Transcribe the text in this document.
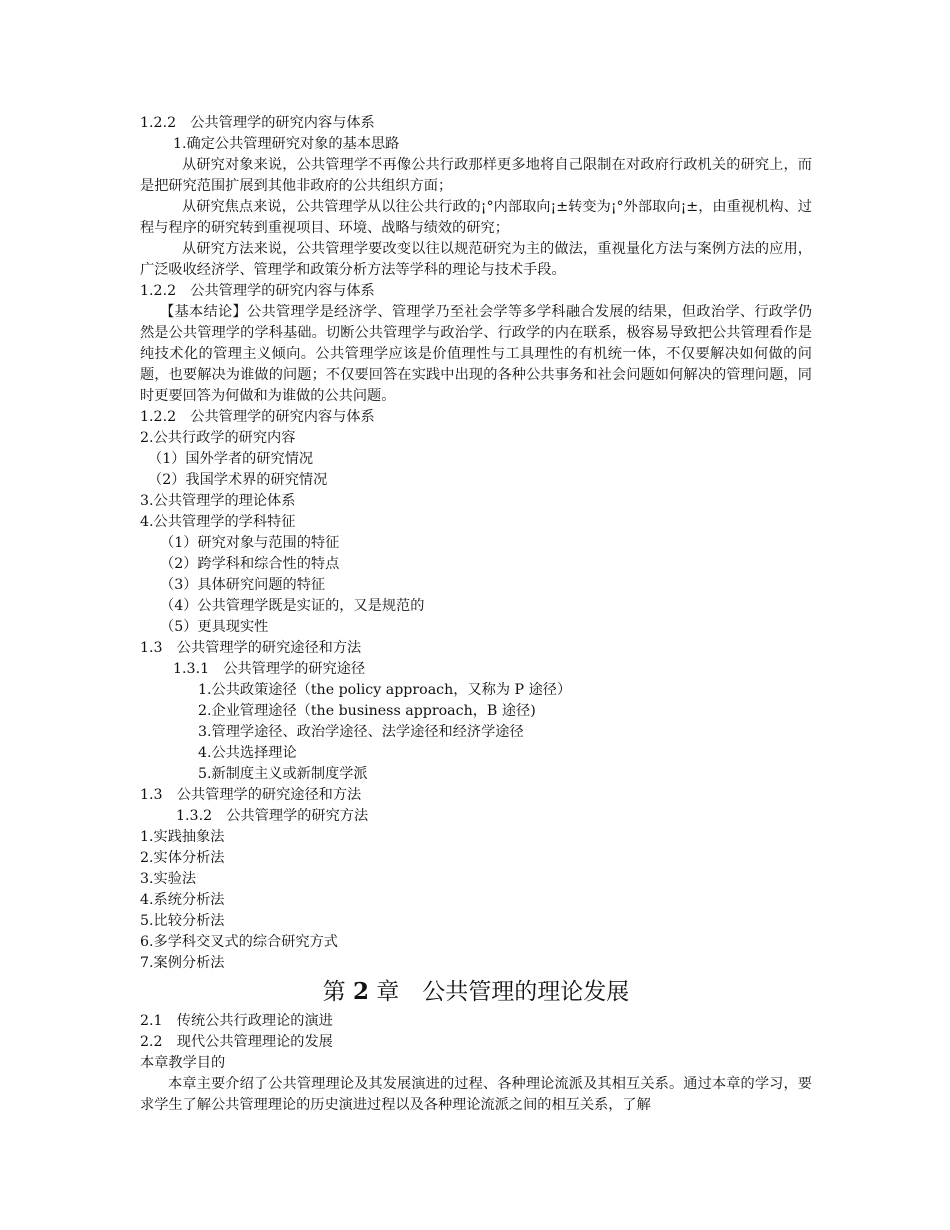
1.2.2　公共管理学的研究内容与体系
1.确定公共管理研究对象的基本思路
从研究对象来说，公共管理学不再像公共行政那样更多地将自己限制在对政府行政机关的研究上，而是把研究范围扩展到其他非政府的公共组织方面；
从研究焦点来说，公共管理学从以往公共行政的¡°内部取向¡±转变为¡°外部取向¡±，由重视机构、过程与程序的研究转到重视项目、环境、战略与绩效的研究；
从研究方法来说，公共管理学要改变以往以规范研究为主的做法，重视量化方法与案例方法的应用，广泛吸收经济学、管理学和政策分析方法等学科的理论与技术手段。
1.2.2　公共管理学的研究内容与体系
【基本结论】公共管理学是经济学、管理学乃至社会学等多学科融合发展的结果，但政治学、行政学仍然是公共管理学的学科基础。切断公共管理学与政治学、行政学的内在联系，极容易导致把公共管理看作是纯技术化的管理主义倾向。公共管理学应该是价值理性与工具理性的有机统一体，不仅要解决如何做的问题，也要解决为谁做的问题；不仅要回答在实践中出现的各种公共事务和社会问题如何解决的管理问题，同时更要回答为何做和为谁做的公共问题。
1.2.2　公共管理学的研究内容与体系
2.公共行政学的研究内容
（1）国外学者的研究情况
（2）我国学术界的研究情况
3.公共管理学的理论体系
4.公共管理学的学科特征
（1）研究对象与范围的特征
（2）跨学科和综合性的特点
（3）具体研究问题的特征
（4）公共管理学既是实证的，又是规范的
（5）更具现实性
1.3　公共管理学的研究途径和方法
1.3.1　公共管理学的研究途径
1.公共政策途径（the policy approach，又称为 P 途径）
2.企业管理途径（the business approach，B 途径)
3.管理学途径、政治学途径、法学途径和经济学途径
4.公共选择理论
5.新制度主义或新制度学派
1.3　公共管理学的研究途径和方法
1.3.2　公共管理学的研究方法
1.实践抽象法
2.实体分析法
3.实验法
4.系统分析法
5.比较分析法
6.多学科交叉式的综合研究方式
7.案例分析法
第 2 章　公共管理的理论发展
2.1　传统公共行政理论的演进
2.2　现代公共管理理论的发展
本章教学目的
本章主要介绍了公共管理理论及其发展演进的过程、各种理论流派及其相互关系。通过本章的学习，要求学生了解公共管理理论的历史演进过程以及各种理论流派之间的相互关系，了解
